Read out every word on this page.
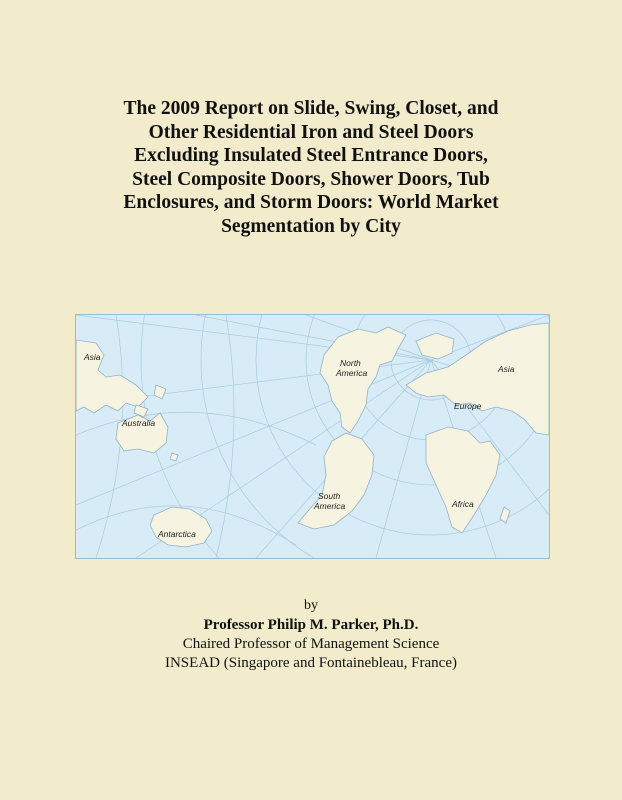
The 2009 Report on Slide, Swing, Closet, and
Other Residential Iron and Steel Doors
Excluding Insulated Steel Entrance Doors,
Steel Composite Doors, Shower Doors, Tub
Enclosures, and Storm Doors: World Market
Segmentation by City
Asia
North
America	Asia
Australia
Europe
South
America	Africa
Antarctica
by
Professor Philip M. Parker, Ph.D.
Chaired Professor of Management Science
INSEAD (Singapore and Fontainebleau, France)
